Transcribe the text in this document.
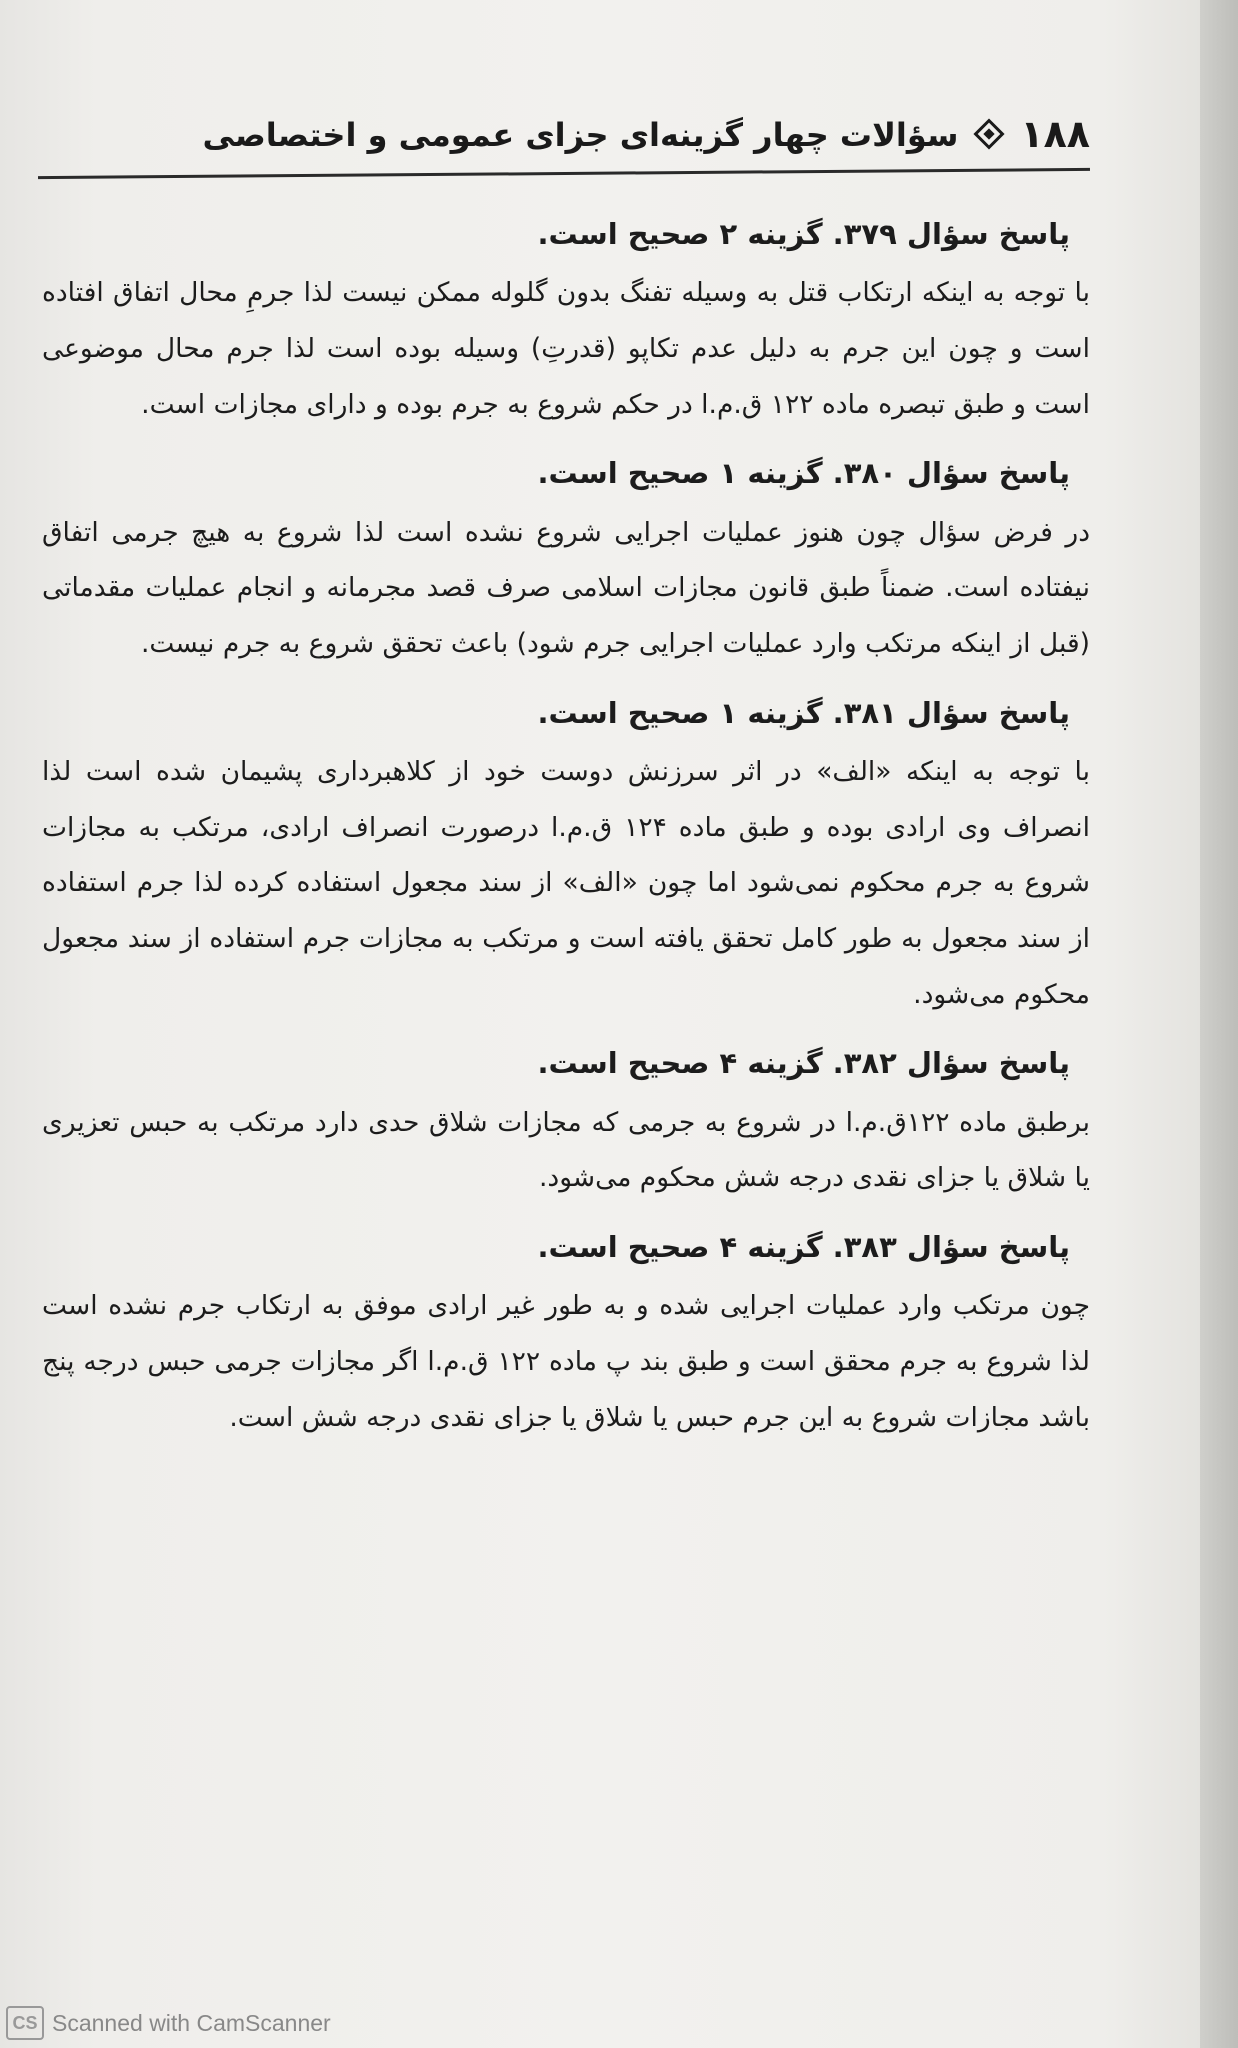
۱۸۸
سؤالات چهار گزینه‌ای جزای عمومی و اختصاصی
پاسخ سؤال ۳۷۹. گزینه ۲ صحیح است.
با توجه به اینکه ارتکاب قتل به وسیله تفنگ بدون گلوله ممکن نیست لذا جرمِ محال اتفاق افتاده است و چون این جرم به دلیل عدم تکاپو (قدرتِ) وسیله بوده است لذا جرم محال موضوعی است و طبق تبصره ماده ۱۲۲ ق.م.ا در حکم شروع به جرم بوده و دارای مجازات است.
پاسخ سؤال ۳۸۰. گزینه ۱ صحیح است.
در فرض سؤال چون هنوز عملیات اجرایی شروع نشده است لذا شروع به هیچ جرمی اتفاق نیفتاده است. ضمناً طبق قانون مجازات اسلامی صرف قصد مجرمانه و انجام عملیات مقدماتی (قبل از اینکه مرتکب وارد عملیات اجرایی جرم شود) باعث تحقق شروع به جرم نیست.
پاسخ سؤال ۳۸۱. گزینه ۱ صحیح است.
با توجه به اینکه «الف» در اثر سرزنش دوست خود از کلاهبرداری پشیمان شده است لذا انصراف وی ارادی بوده و طبق ماده ۱۲۴ ق.م.ا درصورت انصراف ارادی، مرتکب به مجازات شروع به جرم محکوم نمی‌شود اما چون «الف» از سند مجعول استفاده کرده لذا جرم استفاده از سند مجعول به طور کامل تحقق یافته است و مرتکب به مجازات جرم استفاده از سند مجعول محکوم می‌شود.
پاسخ سؤال ۳۸۲. گزینه ۴ صحیح است.
برطبق ماده ۱۲۲ق.م.ا در شروع به جرمی که مجازات شلاق حدی دارد مرتکب به حبس تعزیری یا شلاق یا جزای نقدی درجه شش محکوم می‌شود.
پاسخ سؤال ۳۸۳. گزینه ۴ صحیح است.
چون مرتکب وارد عملیات اجرایی شده و به طور غیر ارادی موفق به ارتکاب جرم نشده است لذا شروع به جرم محقق است و طبق بند پ ماده ۱۲۲ ق.م.ا اگر مجازات جرمی حبس درجه پنج باشد مجازات شروع به این جرم حبس یا شلاق یا جزای نقدی درجه شش است.
CS Scanned with CamScanner
